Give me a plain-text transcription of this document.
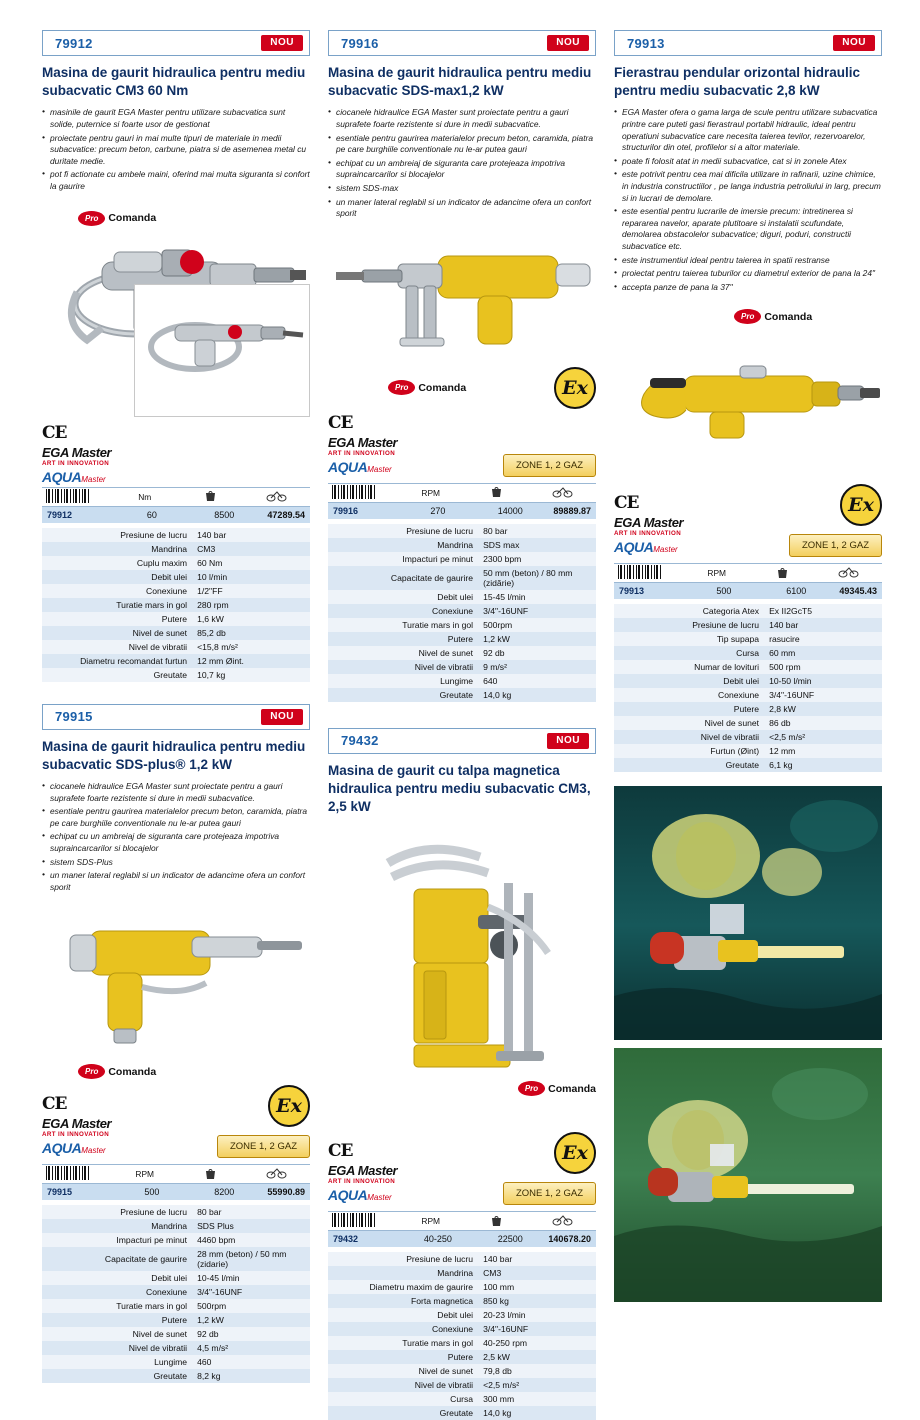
79912	NOU
Masina de gaurit hidraulica pentru mediu subacvatic CM3 60 Nm
• masinile de gaurit EGA Master pentru utilizare subacvatica sunt solide, puternice si foarte usor de gestionat
• proiectate pentru gauri in mai multe tipuri de materiale in medii subacvatice: precum beton, carbune, piatra si de asemenea metal cu duritate medie.
• pot fi actionate cu ambele maini, oferind mai multa siguranta si confort la gaurire
Pro Comanda
CE
EGA Master
ART IN INNOVATION
AQUAMaster
Nm
79912	60	8500	47289.54
Presiune de lucru	140 bar
Mandrina	CM3
Cuplu maxim	60 Nm
Debit ulei	10 l/min
Conexiune	1/2"FF
Turatie mars in gol	280 rpm
Putere	1,6 kW
Nivel de sunet	85,2 db
Nivel de vibratii	<15,8 m/s²
Diametru recomandat furtun	12 mm Øint.
Greutate	10,7 kg
79915	NOU
Masina de gaurit hidraulica pentru mediu subacvatic SDS-plus® 1,2 kW
• ciocanele hidraulice EGA Master sunt proiectate pentru a gauri suprafete foarte rezistente si dure in medii subacvatice.
• esentiale pentru gaurirea materialelor precum beton, caramida, piatra pe care burghiile conventionale nu le-ar putea gauri
• echipat cu un ambreiaj de siguranta care protejeaza impotriva supraincarcarilor si blocajelor
• sistem SDS-Plus
• un maner lateral reglabil si un indicator de adancime ofera un confort sporit
Pro Comanda
CE
EGA Master
ART IN INNOVATION
AQUAMaster
Ex
ZONE 1, 2 GAZ
RPM
79915	500	8200	55990.89
Presiune de lucru	80 bar
Mandrina	SDS Plus
Impacturi pe minut	4460 bpm
Capacitate de gaurire	28 mm (beton) / 50 mm (zidarie)
Debit ulei	10-45 l/min
Conexiune	3/4"-16UNF
Turatie mars in gol	500rpm
Putere	1,2 kW
Nivel de sunet	92 db
Nivel de vibratii	4,5 m/s²
Lungime	460
Greutate	8,2 kg
79916	NOU
Masina de gaurit hidraulica pentru mediu subacvatic SDS-max1,2 kW
• ciocanele hidraulice EGA Master sunt proiectate pentru a gauri suprafete foarte rezistente si dure in medii subacvatice.
• esentiale pentru gaurirea materialelor precum beton, caramida, piatra pe care burghiile conventionale nu le-ar putea gauri
• echipat cu un ambreiaj de siguranta care protejeaza impotriva supraincarcarilor si blocajelor
• sistem SDS-max
• un maner lateral reglabil si un indicator de adancime ofera un confort sporit
Pro Comanda	Ex
CE
EGA Master
ART IN INNOVATION
AQUAMaster	ZONE 1, 2 GAZ
RPM
79916	270	14000	89889.87
Presiune de lucru	80 bar
Mandrina	SDS max
Impacturi pe minut	2300 bpm
Capacitate de gaurire	50 mm (beton) / 80 mm (zidărie)
Debit ulei	15-45 l/min
Conexiune	3/4"-16UNF
Turatie mars in gol	500rpm
Putere	1,2 kW
Nivel de sunet	92 db
Nivel de vibratii	9 m/s²
Lungime	640
Greutate	14,0 kg
79432	NOU
Masina de gaurit cu talpa magnetica hidraulica pentru mediu subacvatic CM3, 2,5 kW
Pro Comanda
CE
EGA Master
ART IN INNOVATION
AQUAMaster
Ex
ZONE 1, 2 GAZ
RPM
79432	40-250	22500	140678.20
Presiune de lucru	140 bar
Mandrina	CM3
Diametru maxim de gaurire	100 mm
Forta magnetica	850 kg
Debit ulei	20-23 l/min
Conexiune	3/4"-16UNF
Turatie mars in gol	40-250 rpm
Putere	2,5 kW
Nivel de sunet	79,8 db
Nivel de vibratii	<2,5 m/s²
Cursa	300 mm
Greutate	14,0 kg
79913	NOU
Fierastrau pendular orizontal hidraulic pentru mediu subacvatic 2,8 kW
• EGA Master ofera o gama larga de scule pentru utilizare subacvatica printre care puteti gasi fierastraul portabil hidraulic, ideal pentru operatiuni subacvatice care necesita taierea tevilor, rezervoarelor, structurilor din otel, profilelor si a altor materiale.
• poate fi folosit atat in medii subacvatice, cat si in zonele Atex
• este potrivit pentru cea mai dificila utilizare in rafinarii, uzine chimice, in industria constructiilor , pe langa industria petroliului in larg, precum si in lucrari de demolare.
• este esential pentru lucrarile de imersie precum: intretinerea si repararea navelor, aparate plutitoare si instalatii scufundate, demolarea obstacolelor subacvatice; diguri, poduri, constructii subacvatice etc.
• este instrumentiul ideal pentru taierea in spatii restranse
• proiectat pentru taierea tuburilor cu diametrul exterior de pana la 24"
• accepta panze de pana la 37"
Pro Comanda
CE
EGA Master
ART IN INNOVATION
AQUAMaster
Ex
ZONE 1, 2 GAZ
RPM
79913	500	6100	49345.43
Categoria Atex	Ex II2GcT5
Presiune de lucru	140 bar
Tip supapa	rasucire
Cursa	60 mm
Numar de lovituri	500 rpm
Debit ulei	10-50 l/min
Conexiune	3/4"-16UNF
Putere	2,8 kW
Nivel de sunet	86 db
Nivel de vibratii	<2,5 m/s²
Furtun (Øint)	12 mm
Greutate	6,1 kg
